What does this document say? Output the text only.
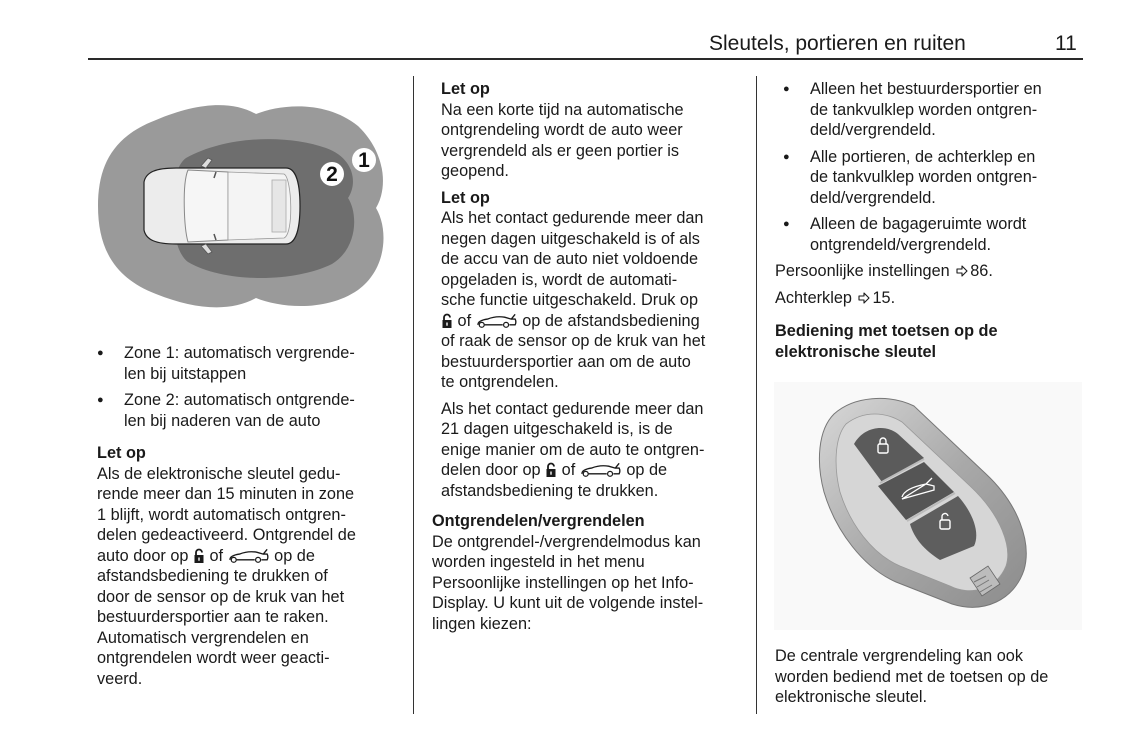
Sleutels, portieren en ruiten	11
2
1
● Zone 1: automatisch vergrende-
len bij uitstappen
● Zone 2: automatisch ontgrende-
len bij naderen van de auto

Let op

Als de elektronische sleutel gedu-
rende meer dan 15 minuten in zone
1 blijft, wordt automatisch ontgren-
delen gedeactiveerd. Ontgrendel de
auto door op of	op de
afstandsbediening te drukken of
door de sensor op de kruk van het
bestuurdersportier aan te raken.
Automatisch vergrendelen en
ontgrendelen wordt weer geacti-
veerd.

Let op

Na een korte tijd na automatische
ontgrendeling wordt de auto weer
vergrendeld als er geen portier is
geopend.

Let op

Als het contact gedurende meer dan
negen dagen uitgeschakeld is of als
de accu van de auto niet voldoende
opgeladen is, wordt de automati-
sche functie uitgeschakeld. Druk op
of	op de afstandsbediening
of raak de sensor op de kruk van het
bestuurdersportier aan om de auto
te ontgrendelen.

Als het contact gedurende meer dan
21 dagen uitgeschakeld is, is de
enige manier om de auto te ontgren-
delen door op of	op de
afstandsbediening te drukken.

Ontgrendelen/vergrendelen

De ontgrendel-/vergrendelmodus kan
worden ingesteld in het menu
Persoonlijke instellingen op het Info-
Display. U kunt uit de volgende instel-
lingen kiezen:

● Alleen het bestuurdersportier en
de tankvulklep worden ontgren-
deld/vergrendeld.
● Alle portieren, de achterklep en
de tankvulklep worden ontgren-
deld/vergrendeld.
● Alleen de bagageruimte wordt
ontgrendeld/vergrendeld.

Persoonlijke instellingen 86.

Achterklep 15.

Bediening met toetsen op de
elektronische sleutel

De centrale vergrendeling kan ook
worden bediend met de toetsen op de
elektronische sleutel.
